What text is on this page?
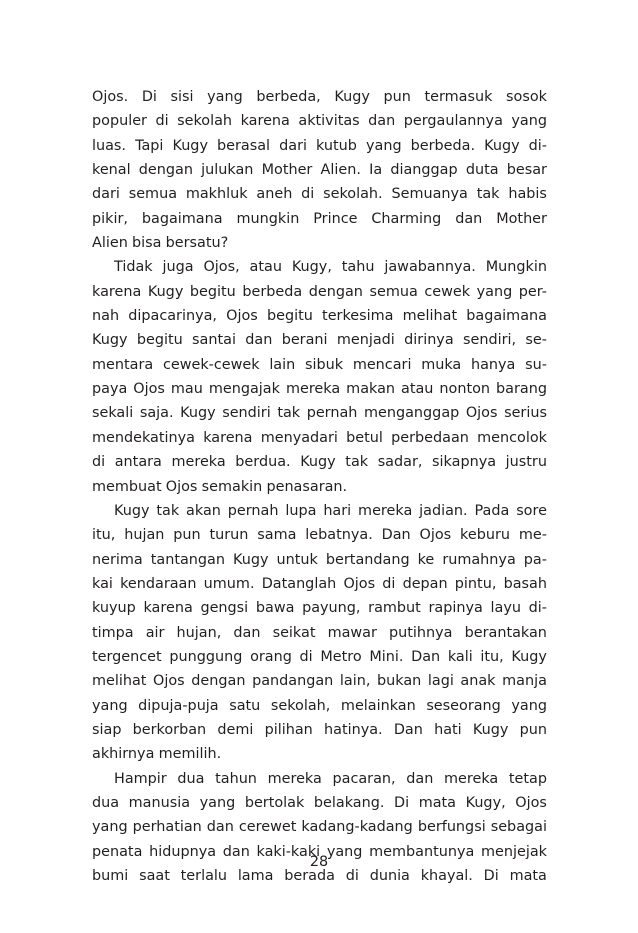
Ojos. Di sisi yang berbeda, Kugy pun termasuk sosok
populer di sekolah karena aktivitas dan pergaulannya yang
luas. Tapi Kugy berasal dari kutub yang berbeda. Kugy di-
kenal dengan julukan Mother Alien. Ia dianggap duta besar
dari semua makhluk aneh di sekolah. Semuanya tak habis
pikir, bagaimana mungkin Prince Charming dan Mother
Alien bisa bersatu?
Tidak juga Ojos, atau Kugy, tahu jawabannya. Mungkin
karena Kugy begitu berbeda dengan semua cewek yang per-
nah dipacarinya, Ojos begitu terkesima melihat bagaimana
Kugy begitu santai dan berani menjadi dirinya sendiri, se-
mentara cewek-cewek lain sibuk mencari muka hanya su-
paya Ojos mau mengajak mereka makan atau nonton barang
sekali saja. Kugy sendiri tak pernah menganggap Ojos serius
mendekatinya karena menyadari betul perbedaan mencolok
di antara mereka berdua. Kugy tak sadar, sikapnya justru
membuat Ojos semakin penasaran.
Kugy tak akan pernah lupa hari mereka jadian. Pada sore
itu, hujan pun turun sama lebatnya. Dan Ojos keburu me-
nerima tantangan Kugy untuk bertandang ke rumahnya pa-
kai kendaraan umum. Datanglah Ojos di depan pintu, basah
kuyup karena gengsi bawa payung, rambut rapinya layu di-
timpa air hujan, dan seikat mawar putihnya berantakan
tergencet punggung orang di Metro Mini. Dan kali itu, Kugy
melihat Ojos dengan pandangan lain, bukan lagi anak manja
yang dipuja-puja satu sekolah, melainkan seseorang yang
siap berkorban demi pilihan hatinya. Dan hati Kugy pun
akhirnya memilih.
Hampir dua tahun mereka pacaran, dan mereka tetap
dua manusia yang bertolak belakang. Di mata Kugy, Ojos
yang perhatian dan cerewet kadang-kadang berfungsi sebagai
penata hidupnya dan kaki-kaki yang membantunya menjejak
bumi saat terlalu lama berada di dunia khayal. Di mata
28
